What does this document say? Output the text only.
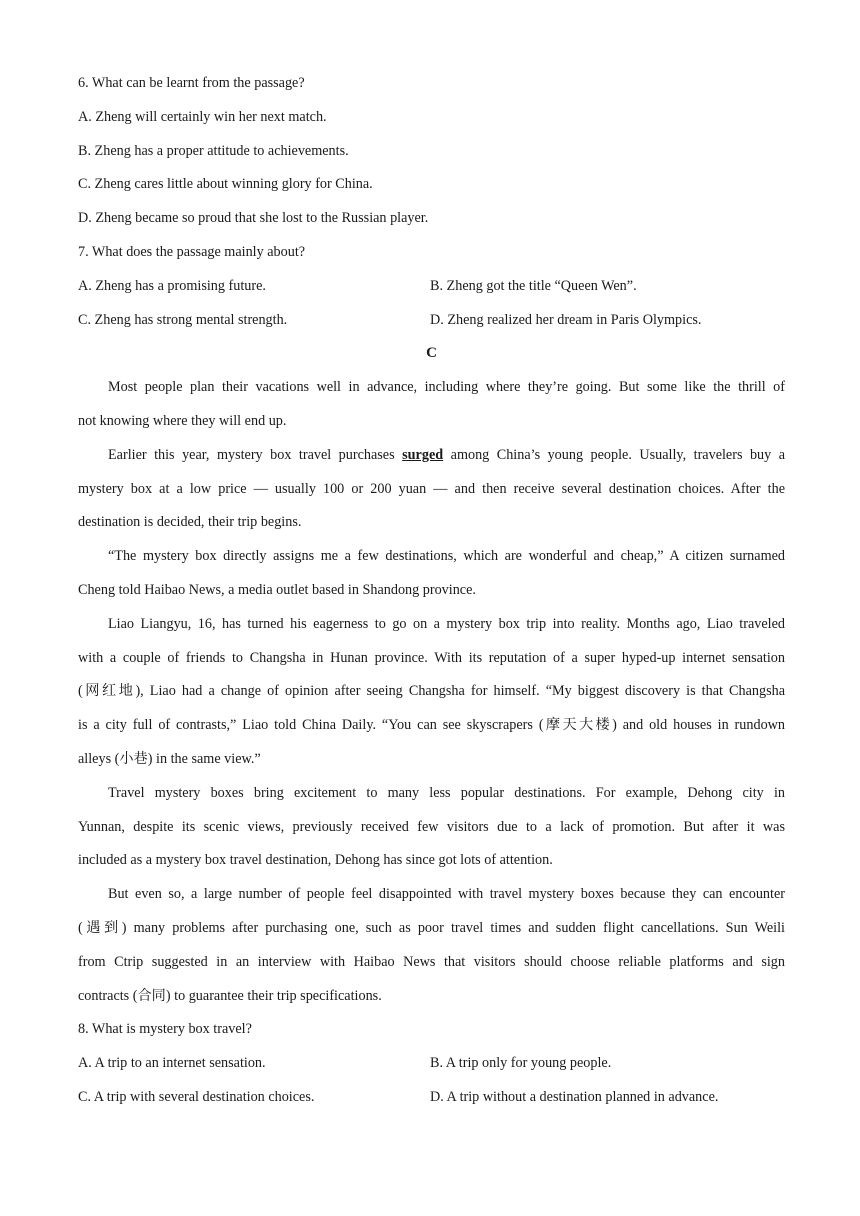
6. What can be learnt from the passage?
A. Zheng will certainly win her next match.
B. Zheng has a proper attitude to achievements.
C. Zheng cares little about winning glory for China.
D. Zheng became so proud that she lost to the Russian player.
7. What does the passage mainly about?
A. Zheng has a promising future.	B. Zheng got the title “Queen Wen”.
C. Zheng has strong mental strength.	D. Zheng realized her dream in Paris Olympics.
C
Most people plan their vacations well in advance, including where they’re going. But some like the thrill of
not knowing where they will end up.
Earlier this year, mystery box travel purchases surged among China’s young people. Usually, travelers buy a
mystery box at a low price — usually 100 or 200 yuan — and then receive several destination choices. After the
destination is decided, their trip begins.
“The mystery box directly assigns me a few destinations, which are wonderful and cheap,” A citizen surnamed
Cheng told Haibao News, a media outlet based in Shandong province.
Liao Liangyu, 16, has turned his eagerness to go on a mystery box trip into reality. Months ago, Liao traveled
with a couple of friends to Changsha in Hunan province. With its reputation of a super hyped-up internet sensation
(网红地), Liao had a change of opinion after seeing Changsha for himself. “My biggest discovery is that Changsha
is a city full of contrasts,” Liao told China Daily. “You can see skyscrapers (摩天大楼) and old houses in rundown
alleys (小巷) in the same view.”
Travel mystery boxes bring excitement to many less popular destinations. For example, Dehong city in
Yunnan, despite its scenic views, previously received few visitors due to a lack of promotion. But after it was
included as a mystery box travel destination, Dehong has since got lots of attention.
But even so, a large number of people feel disappointed with travel mystery boxes because they can encounter
(遇到) many problems after purchasing one, such as poor travel times and sudden flight cancellations. Sun Weili
from Ctrip suggested in an interview with Haibao News that visitors should choose reliable platforms and sign
contracts (合同) to guarantee their trip specifications.
8. What is mystery box travel?
A. A trip to an internet sensation.	B. A trip only for young people.
C. A trip with several destination choices.	D. A trip without a destination planned in advance.
